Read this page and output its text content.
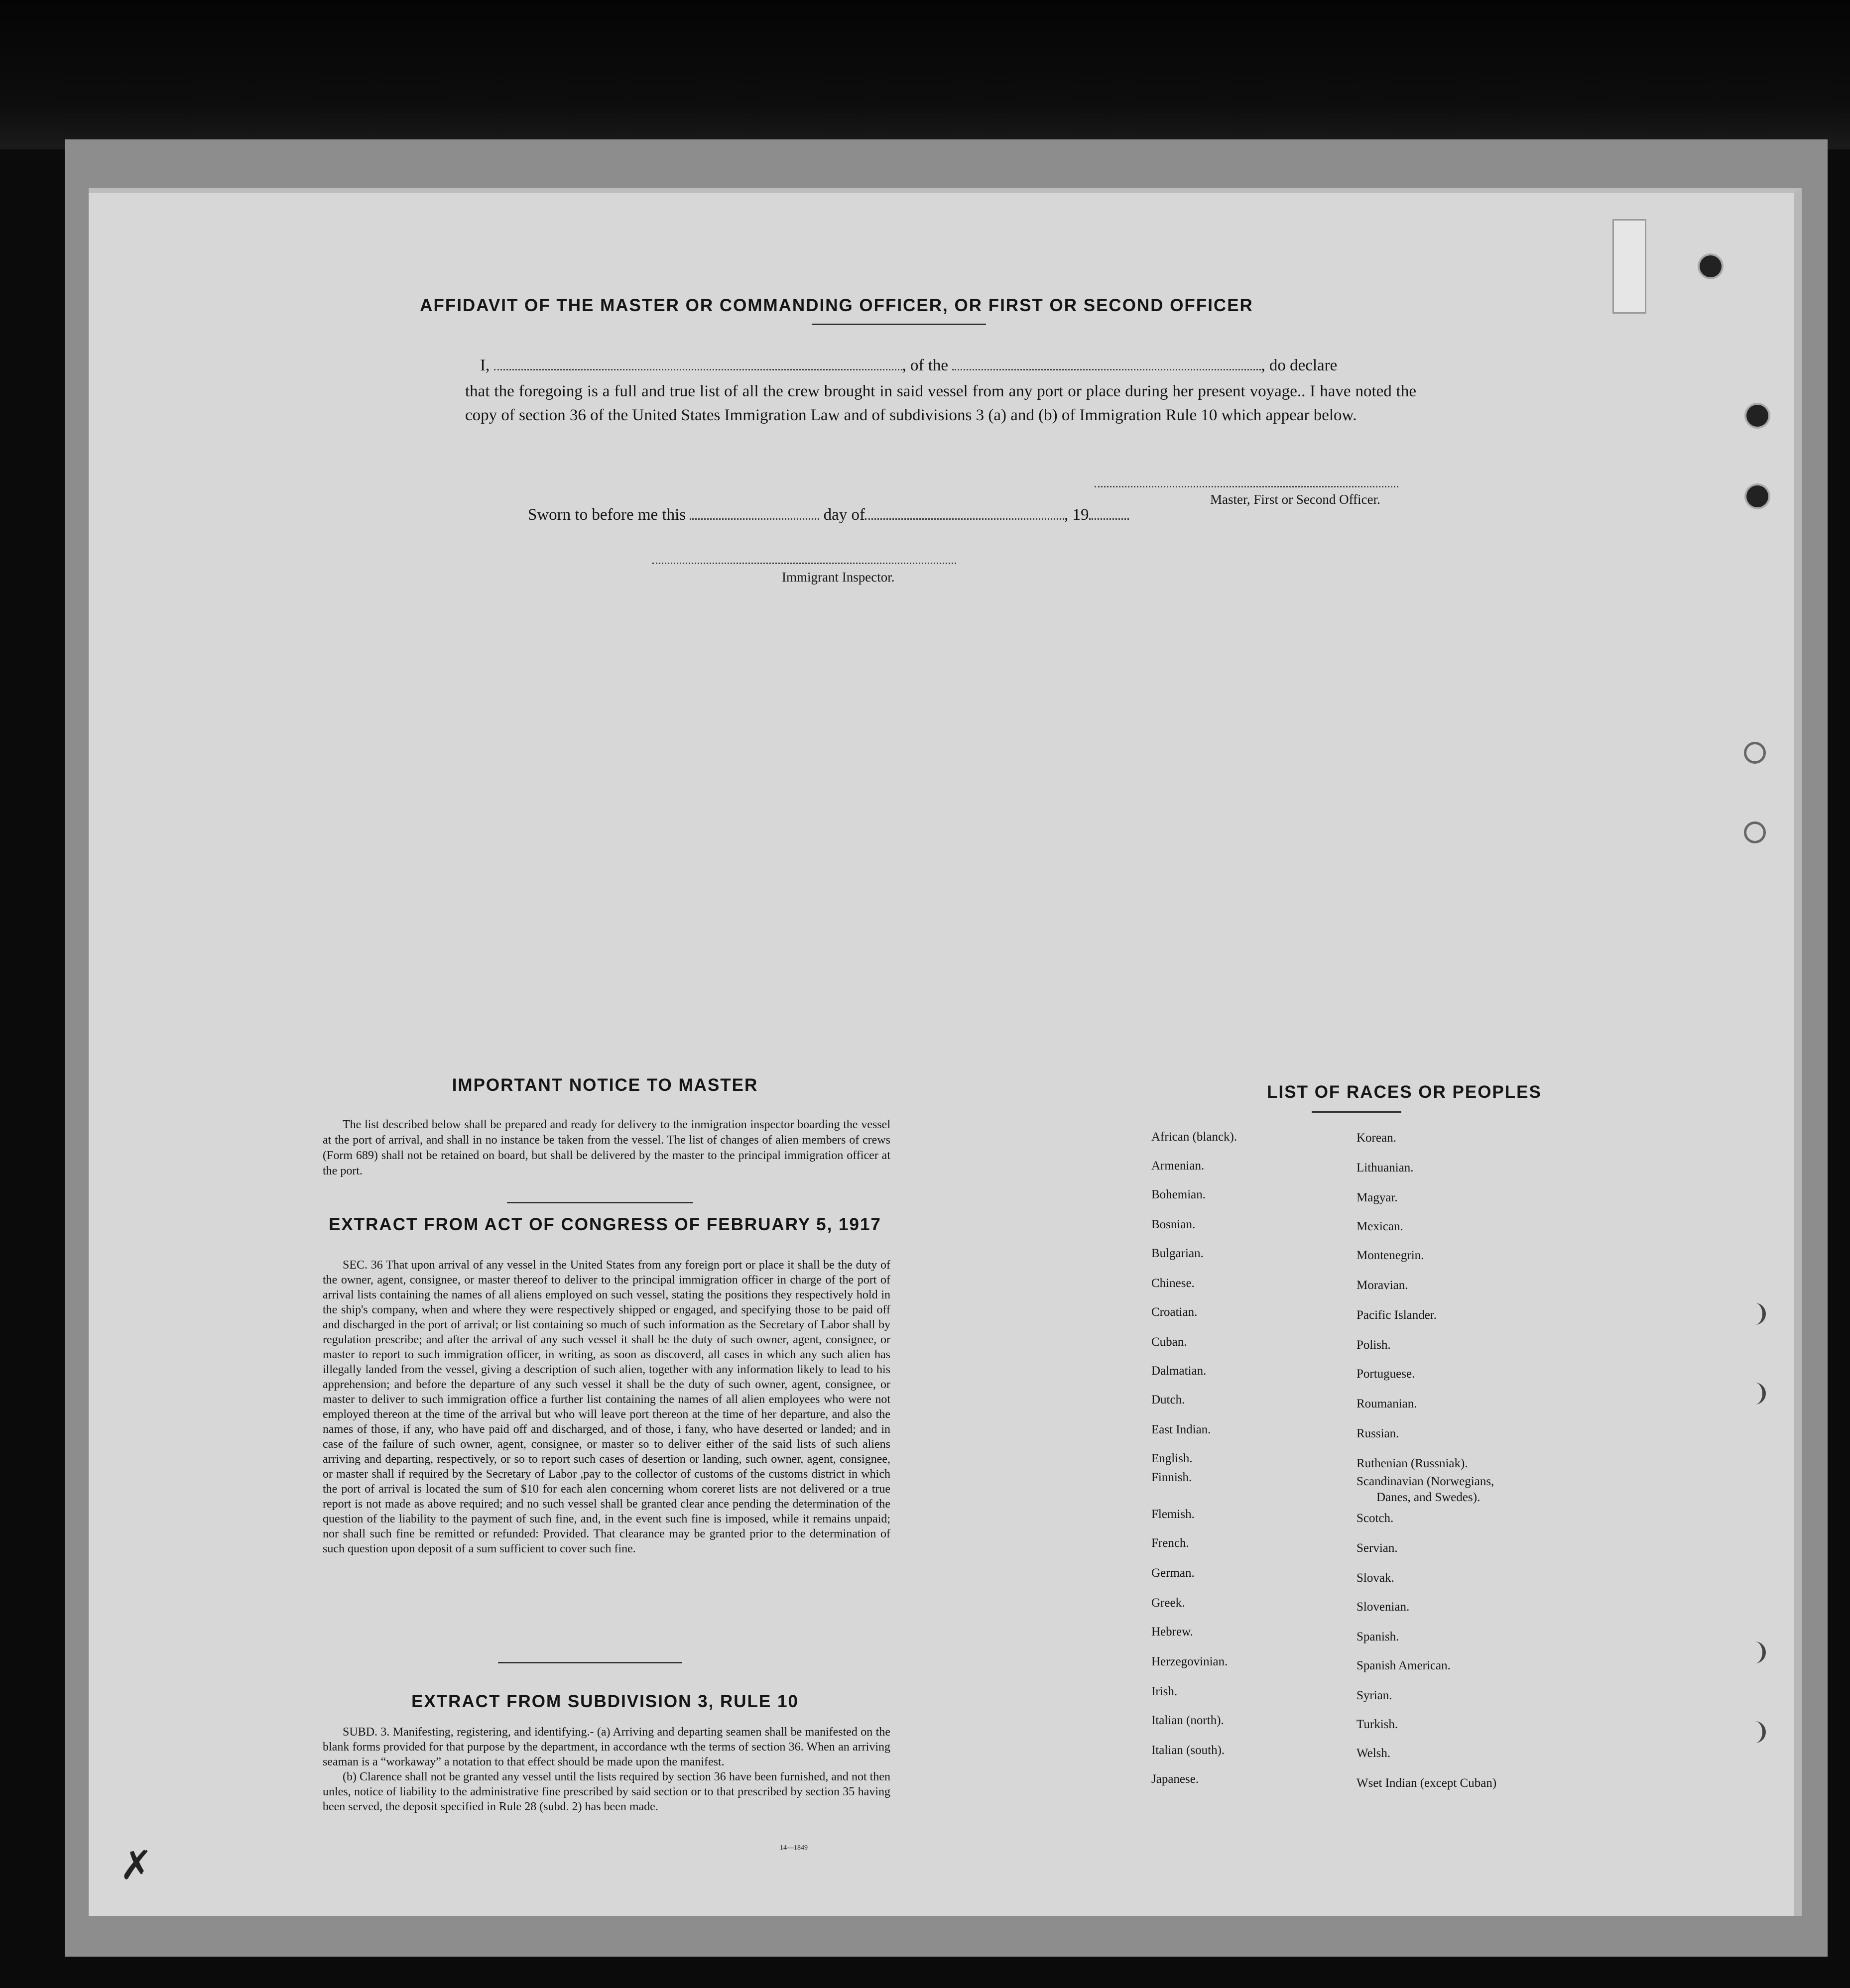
AFFIDAVIT OF THE MASTER OR COMMANDING OFFICER, OR FIRST OR SECOND OFFICER
I,	, of the	, do declare
that the foregoing is a full and true list of all the crew brought in said vessel from any port or place during her present voyage.. I have noted the copy of section 36 of the United States Immigration Law and of subdivisions 3 (a) and (b) of Immigration Rule 10 which appear below.
Master, First or Second Officer.
Sworn to before me this	day of	, 19
Immigrant Inspector.
IMPORTANT NOTICE TO MASTER
The list described below shall be prepared and ready for delivery to the inmigration inspector boarding the vessel at the port of arrival, and shall in no instance be taken from the vessel. The list of changes of alien members of crews (Form 689) shall not be retained on board, but shall be delivered by the master to the principal immigration officer at the port.
EXTRACT FROM ACT OF CONGRESS OF FEBRUARY 5, 1917
SEC. 36 That upon arrival of any vessel in the United States from any foreign port or place it shall be the duty of the owner, agent, consignee, or master thereof to deliver to the principal immigration officer in charge of the port of arrival lists containing the names of all aliens employed on such vessel, stating the positions they respectively hold in the ship's company, when and where they were respectively shipped or engaged, and specifying those to be paid off and discharged in the port of arrival; or list containing so much of such information as the Secretary of Labor shall by regulation prescribe; and after the arrival of any such vessel it shall be the duty of such owner, agent, consignee, or master to report to such immigration officer, in writing, as soon as discoverd, all cases in which any such alien has illegally landed from the vessel, giving a description of such alien, together with any information likely to lead to his apprehension; and before the departure of any such vessel it shall be the duty of such owner, agent, consignee, or master to deliver to such immigration office a further list containing the names of all alien employees who were not employed thereon at the time of the arrival but who will leave port thereon at the time of her departure, and also the names of those, if any, who have paid off and discharged, and of those, i fany, who have deserted or landed; and in case of the failure of such owner, agent, consignee, or master so to deliver either of the said lists of such aliens arriving and departing, respectively, or so to report such cases of desertion or landing, such owner, agent, consignee, or master shall if required by the Secretary of Labor ,pay to the collector of customs of the customs district in which the port of arrival is located the sum of $10 for each alen concerning whom coreret lists are not delivered or a true report is not made as above required; and no such vessel shall be granted clear ance pending the determination of the question of the liability to the payment of such fine, and, in the event such fine is imposed, while it remains unpaid; nor shall such fine be remitted or refunded: Provided. That clearance may be granted prior to the determination of such question upon deposit of a sum sufficient to cover such fine.
EXTRACT FROM SUBDIVISION 3, RULE 10

SUBD. 3. Manifesting, registering, and identifying.- (a) Arriving and departing seamen shall be manifested on the blank forms provided for that purpose by the department, in accordance wth the terms of section 36. When an arriving seaman is a “workaway” a notation to that effect should be made upon the manifest.

(b) Clarence shall not be granted any vessel until the lists required by section 36 have been furnished, and not then unles, notice of liability to the administrative fine prescribed by said section or to that prescribed by section 35 having been served, the deposit specified in Rule 28 (subd. 2) has been made.

14—1849
LIST OF RACES OR PEOPLES
African (blanck).
Armenian.
Bohemian.
Bosnian.
Bulgarian.
Chinese.
Croatian.
Cuban.
Dalmatian.
Dutch.
East Indian.
English.
Finnish.
Flemish.
French.
German.
Greek.
Hebrew.
Herzegovinian.
Irish.
Italian (north).
Italian (south).
Japanese.
Korean.
Lithuanian.
Magyar.
Mexican.
Montenegrin.
Moravian.
Pacific Islander.
Polish.
Portuguese.
Roumanian.
Russian.
Ruthenian (Russniak).
Scandinavian (Norwegians,
Danes, and Swedes).
Scotch.
Servian.
Slovak.
Slovenian.
Spanish.
Spanish American.
Syrian.
Turkish.
Welsh.
Wset Indian (except Cuban)
✗
